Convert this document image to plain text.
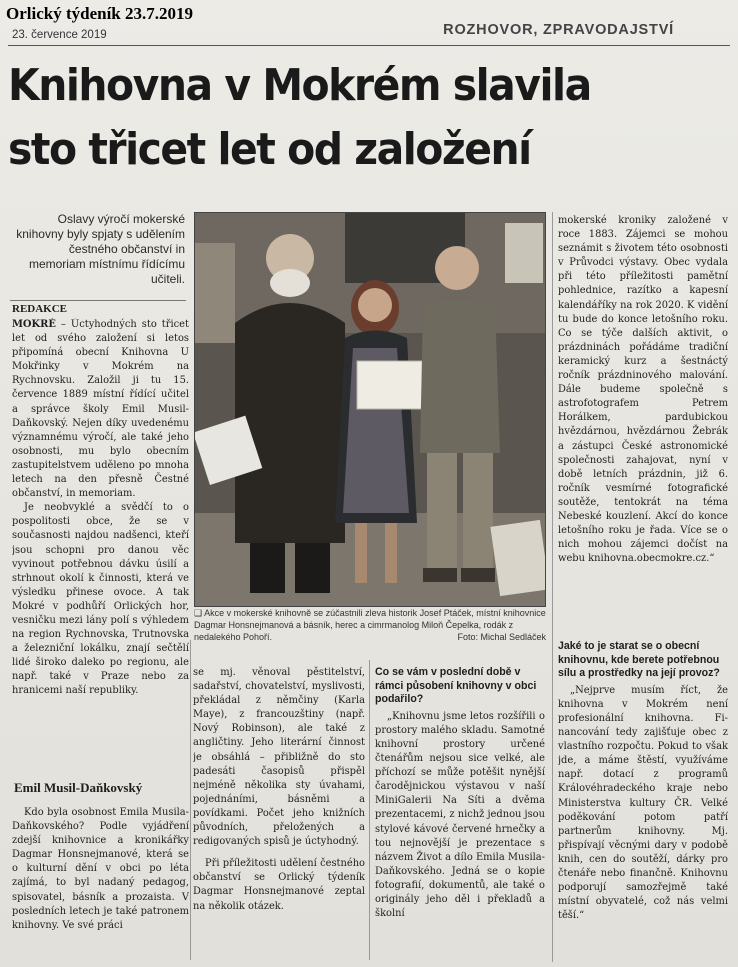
Orlický týdeník 23.7.2019
23. července 2019	ROZHOVOR, ZPRAVODAJSTVÍ
Knihovna v Mokrém slavila
sto třicet let od založení
Oslavy výročí mokerské knihovny byly spjaty s udělením čestného občanství in memoriam místnímu řídícímu učiteli.
REDAKCE

MOKRÉ – Úctyhodných sto třicet let od svého založení si letos připomíná obecní Knihovna U Mokřinky v Mokrém na Rychnovsku. Založil ji tu 15. července 1889 místní řídící učitel a správce školy Emil Musil-Daňkovský. Nejen díky uvedenému významnému výročí, ale také jeho osobnosti, mu bylo obecním zastupitelstvem uděleno po mnoha letech na den přesně Čestné občanství, in memoriam.

Je neobvyklé a svědčí to o pospolitosti obce, že se v současnosti najdou nadšenci, kteří jsou schopni pro danou věc vyvinout potřebnou dávku úsilí a strhnout okolí k činnosti, která ve výsledku přinese ovoce. A tak Mokré v podhůří Orlických hor, vesničku mezi lány polí s výhledem na region Rychnovska, Trutnovska a železniční lokálku, znají sečtělí lidé široko daleko po regionu, ale např. také v Praze nebo za hranicemi naší republiky.

Emil Musil-Daňkovský

Kdo byla osobnost Emila Musila-Daňkovského? Podle vyjádření zdejší knihovnice a kronikářky Dagmar Honsnejmanové, která se o kulturní dění v obci po léta zajímá, to byl nadaný pedagog, spisovatel, básník a prozaista. V posledních letech je také patronem knihovny. Ve své práci

❑ Akce v mokerské knihovně se zúčastnili zleva historik Josef Ptáček, místní knihovnice Dagmar Honsnejmanová a básník, herec a cimrmanolog Miloň Čepelka, rodák z nedalekého Pohoří.	Foto: Michal Sedláček

se mj. věnoval pěstitelství, sadařství, chovatelství, myslivosti, překládal z němčiny (Karla Maye), z francouzštiny (např. Nový Robinson), ale také z angličtiny. Jeho literární činnost je obsáhlá – přibližně do sto padesáti časopisů přispěl nejméně několika sty úvahami, pojednáními, básněmi a povídkami. Počet jeho knižních původních, přeložených a redigovaných spisů je úctyhodný.

Při příležitosti udělení čestného občanství se Orlický týdeník Dagmar Honsnejmanové zeptal na několik otázek.

Co se vám v poslední době v rámci působení knihovny v obci podařilo?

„Knihovnu jsme letos rozšířili o prostory malého skladu. Samotné knihovní prostory určené čtenářům nejsou sice velké, ale příchozí se může potěšit nynější čarodějnickou výstavou v naší MiniGalerii Na Síti a dvěma prezentacemi, z nichž jednou jsou stylové kávové červené hrnečky a tou nejnovější je prezentace s názvem Život a dílo Emila Musila-Daňkovského. Jedná se o kopie fotografií, dokumentů, ale také o originály jeho děl i překladů a školní

mokerské kroniky založené v roce 1883. Zájemci se mohou seznámit s životem této osobnosti v Průvodci výstavy. Obec vydala při této příležitosti pamětní pohlednice, razítko a kapesní kalendáříky na rok 2020. K vidění tu bude do konce letošního roku. Co se týče dalších aktivit, o prázdninách pořádáme tradiční keramický kurz a šestnáctý ročník prázdninového malování. Dále budeme společně s astrofotografem Petrem Horálkem, pardubickou hvězdárnou, hvězdárnou Žebrák a zástupci České astronomické společnosti zahajovat, nyní v době letních prázdnin, již 6. ročník vesmírné fotografické soutěže, tentokrát na téma Nebeské kouzlení. Akcí do konce letošního roku je řada. Více se o nich mohou zájemci dočíst na webu knihovna.obecmokre.cz.“

Jaké to je starat se o obecní knihovnu, kde berete potřebnou sílu a prostředky na její provoz?

„Nejprve musím říct, že knihovna v Mokrém není profesionální knihovna. Financování tedy zajišťuje obec z vlastního rozpočtu. Pokud to však jde, a máme štěstí, využíváme např. dotací z programů Královéhradeckého kraje nebo Ministerstva kultury ČR. Velké poděkování potom patří partnerům knihovny. Mj. přispívají věcnými dary v podobě knih, cen do soutěží, dárky pro čtenáře nebo finančně. Knihovnu podporují samozřejmě také místní obyvatelé, což nás velmi těší.“
